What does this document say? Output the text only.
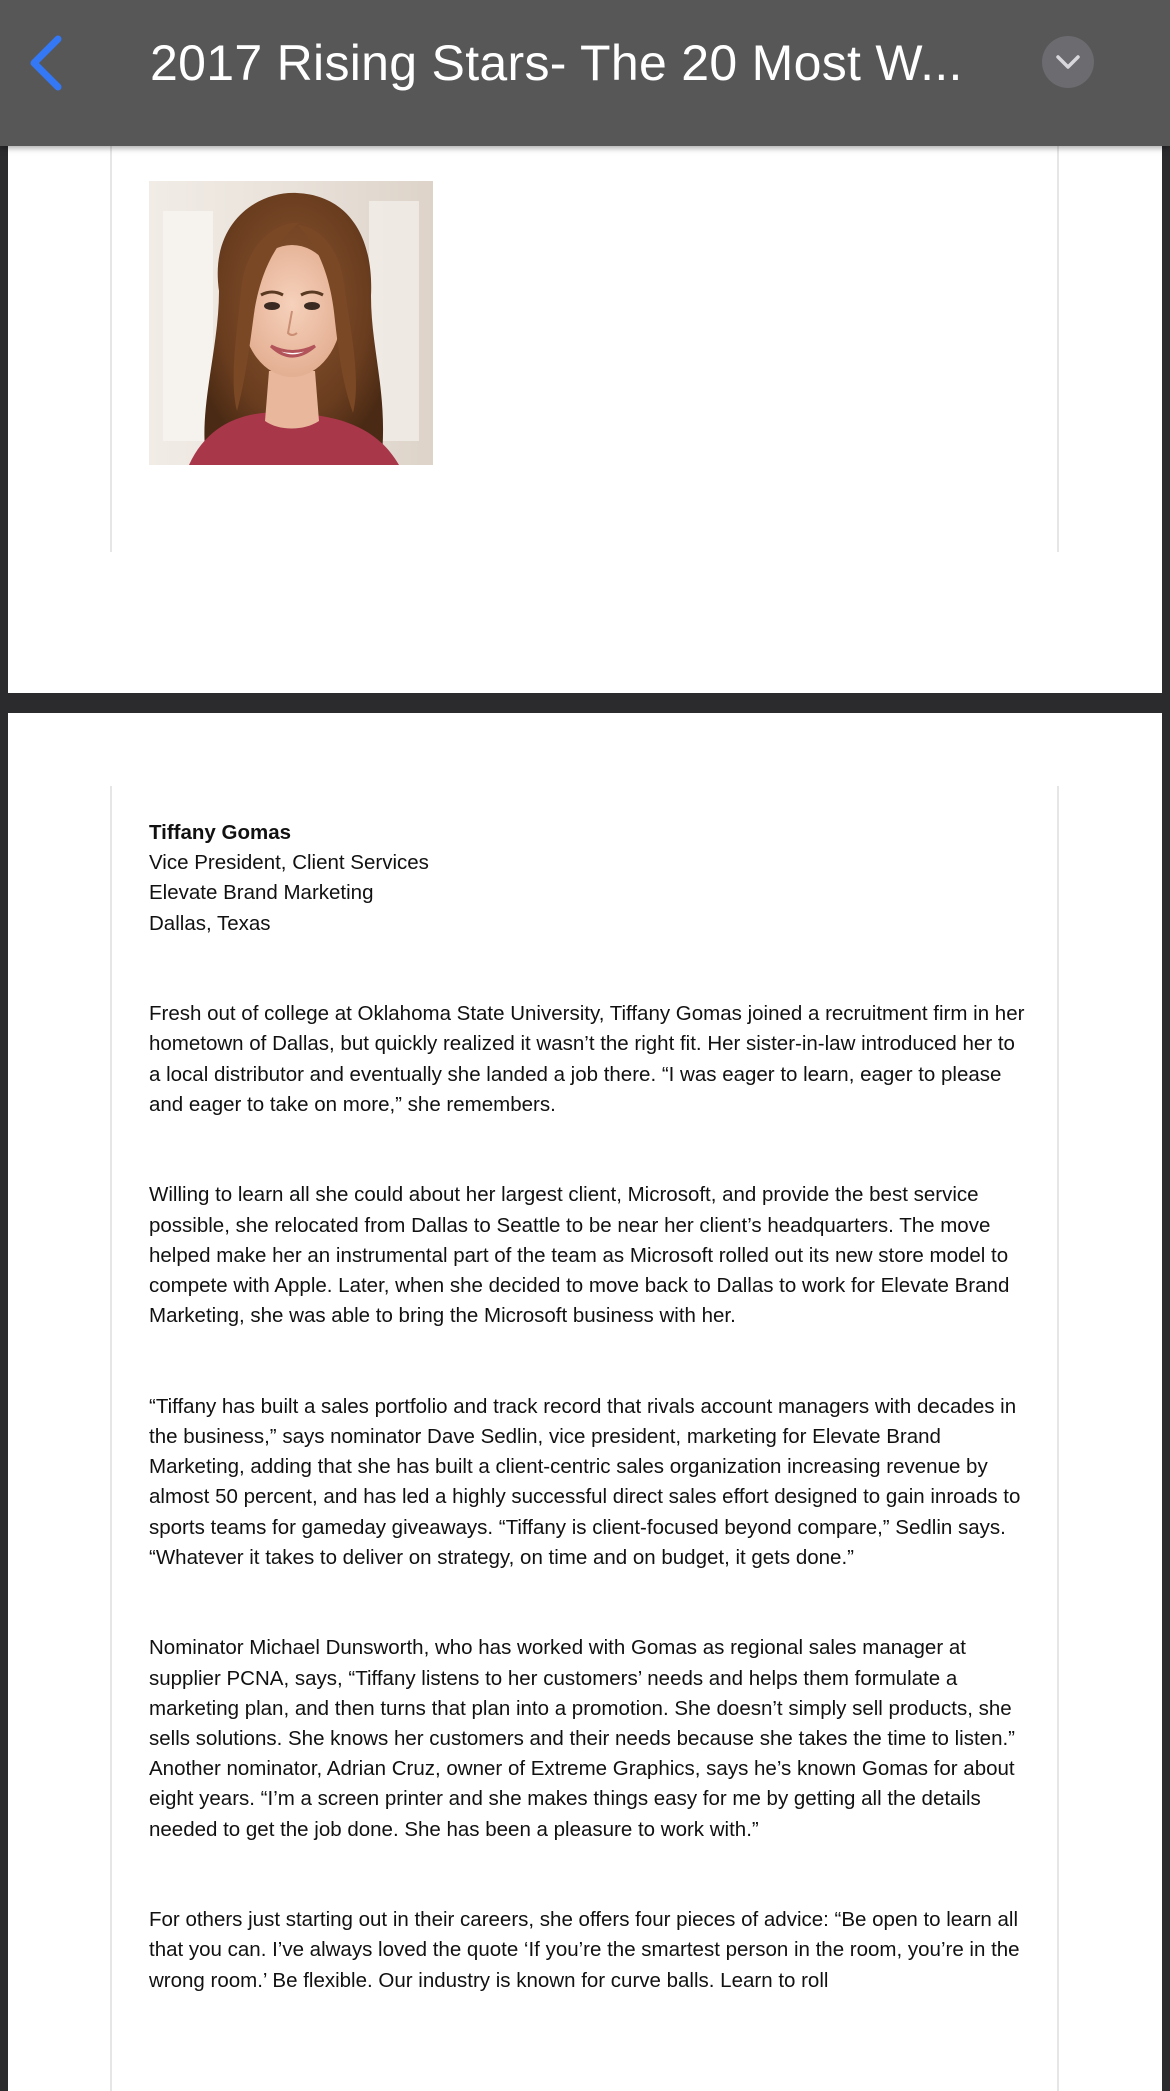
2017 Rising Stars- The 20 Most W...

Tiffany Gomas

Vice President, Client Services

Elevate Brand Marketing

Dallas, Texas

Fresh out of college at Oklahoma State University, Tiffany Gomas joined a recruitment firm in her hometown of Dallas, but quickly realized it wasn’t the right fit. Her sister-in-law introduced her to a local distributor and eventually she landed a job there. “I was eager to learn, eager to please and eager to take on more,” she remembers.

Willing to learn all she could about her largest client, Microsoft, and provide the best service possible, she relocated from Dallas to Seattle to be near her client’s headquarters. The move helped make her an instrumental part of the team as Microsoft rolled out its new store model to compete with Apple. Later, when she decided to move back to Dallas to work for Elevate Brand Marketing, she was able to bring the Microsoft business with her.

“Tiffany has built a sales portfolio and track record that rivals account managers with decades in the business,” says nominator Dave Sedlin, vice president, marketing for Elevate Brand Marketing, adding that she has built a client-centric sales organization increasing revenue by almost 50 percent, and has led a highly successful direct sales effort designed to gain inroads to sports teams for gameday giveaways. “Tiffany is client-focused beyond compare,” Sedlin says. “Whatever it takes to deliver on strategy, on time and on budget, it gets done.”

Nominator Michael Dunsworth, who has worked with Gomas as regional sales manager at supplier PCNA, says, “Tiffany listens to her customers’ needs and helps them formulate a marketing plan, and then turns that plan into a promotion. She doesn’t simply sell products, she sells solutions. She knows her customers and their needs because she takes the time to listen.”

Another nominator, Adrian Cruz, owner of Extreme Graphics, says he’s known Gomas for about eight years. “I’m a screen printer and she makes things easy for me by getting all the details needed to get the job done. She has been a pleasure to work with.”

For others just starting out in their careers, she offers four pieces of advice: “Be open to learn all that you can. I’ve always loved the quote ‘If you’re the smartest person in the room, you’re in the wrong room.’ Be flexible. Our industry is known for curve balls. Learn to roll
